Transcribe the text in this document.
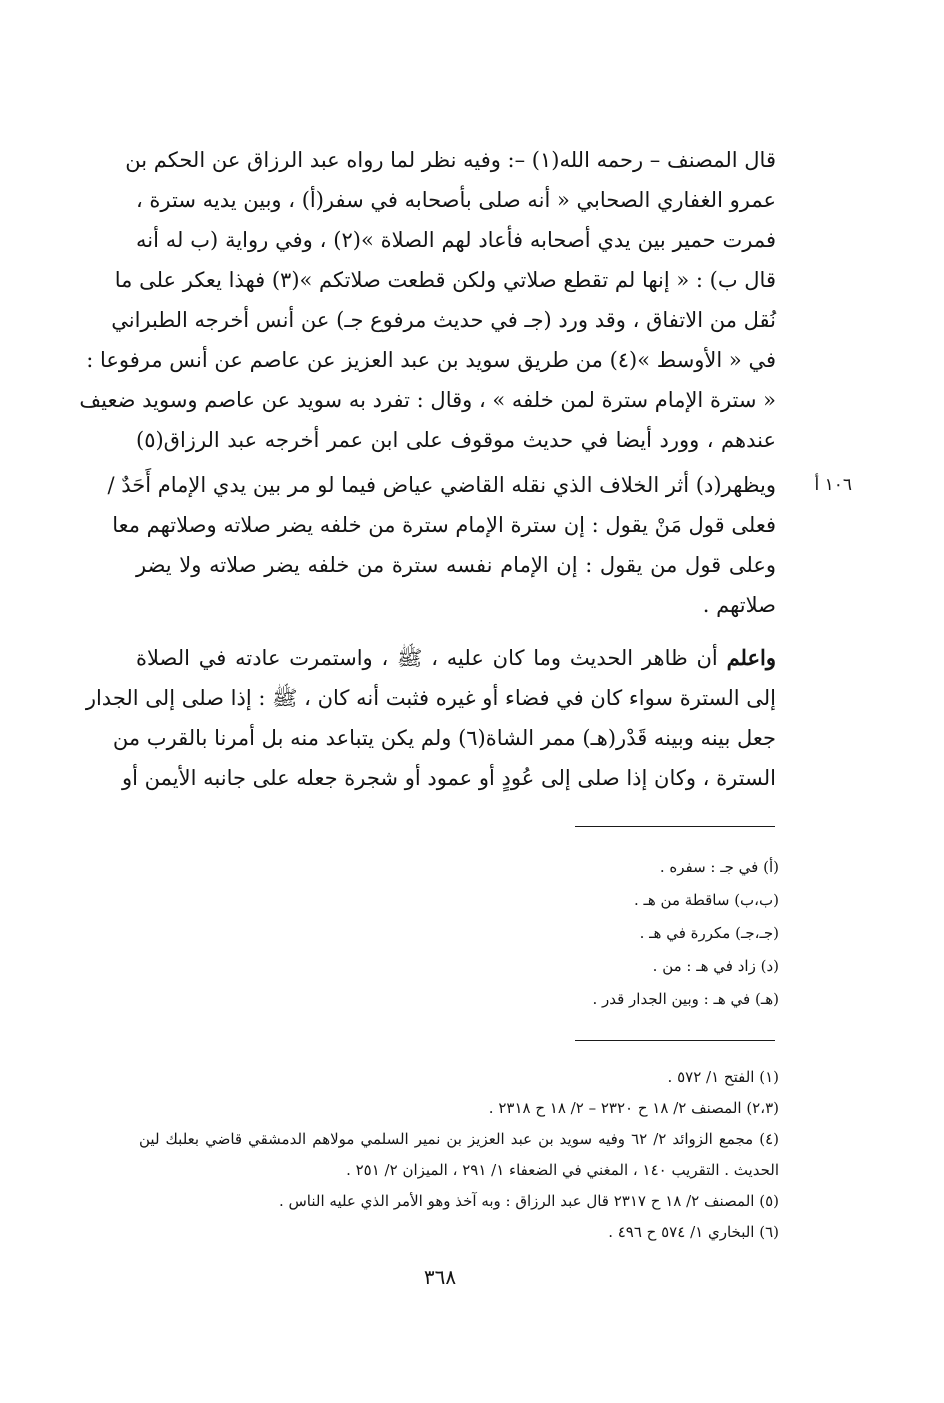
١٠٦ أ
قال المصنف – رحمه الله(١) –: وفيه نظر لما رواه عبد الرزاق عن الحكم بن
عمرو الغفاري الصحابي « أنه صلى بأصحابه في سفر(أ) ، وبين يديه سترة ،
فمرت حمير بين يدي أصحابه فأعاد لهم الصلاة »(٢) ، وفي رواية (ب له أنه
قال ب) : « إنها لم تقطع صلاتي ولكن قطعت صلاتكم »(٣) فهذا يعكر على ما
نُقل من الاتفاق ، وقد ورد (جـ في حديث مرفوع جـ) عن أنس أخرجه الطبراني
في « الأوسط »(٤) من طريق سويد بن عبد العزيز عن عاصم عن أنس مرفوعا :
« سترة الإمام سترة لمن خلفه » ، وقال : تفرد به سويد عن عاصم وسويد ضعيف
عندهم ، وورد أيضا في حديث موقوف على ابن عمر أخرجه عبد الرزاق(٥)
ويظهر(د) أثر الخلاف الذي نقله القاضي عياض فيما لو مر بين يدي الإمام أَحَدٌ /
فعلى قول مَنْ يقول : إن سترة الإمام سترة من خلفه يضر صلاته وصلاتهم معا
وعلى قول من يقول : إن الإمام نفسه سترة من خلفه يضر صلاته ولا يضر
صلاتهم .
واعلم أن ظاهر الحديث وما كان عليه ، ﷺ ، واستمرت عادته في الصلاة
إلى السترة سواء كان في فضاء أو غيره فثبت أنه كان ، ﷺ : إذا صلى إلى الجدار
جعل بينه وبينه قَدْر(هـ) ممر الشاة(٦) ولم يكن يتباعد منه بل أمرنا بالقرب من
السترة ، وكان إذا صلى إلى عُودٍ أو عمود أو شجرة جعله على جانبه الأيمن أو
(أ) في جـ : سفره .
(ب،ب) ساقطة من هـ .
(جـ،جـ) مكررة في هـ .
(د) زاد في هـ : من .
(هـ) في هـ : وبين الجدار قدر .
(١) الفتح ١/ ٥٧٢ .
(٢،٣) المصنف ٢/ ١٨ ح ٢٣٢٠ – ٢/ ١٨ ح ٢٣١٨ .
(٤) مجمع الزوائد ٢/ ٦٢ وفيه سويد بن عبد العزيز بن نمير السلمي مولاهم الدمشقي قاضي بعلبك لين
الحديث . التقريب ١٤٠ ، المغني في الضعفاء ١/ ٢٩١ ، الميزان ٢/ ٢٥١ .
(٥) المصنف ٢/ ١٨ ح ٢٣١٧ قال عبد الرزاق : وبه آخذ وهو الأمر الذي عليه الناس .
(٦) البخاري ١/ ٥٧٤ ح ٤٩٦ .
٣٦٨
